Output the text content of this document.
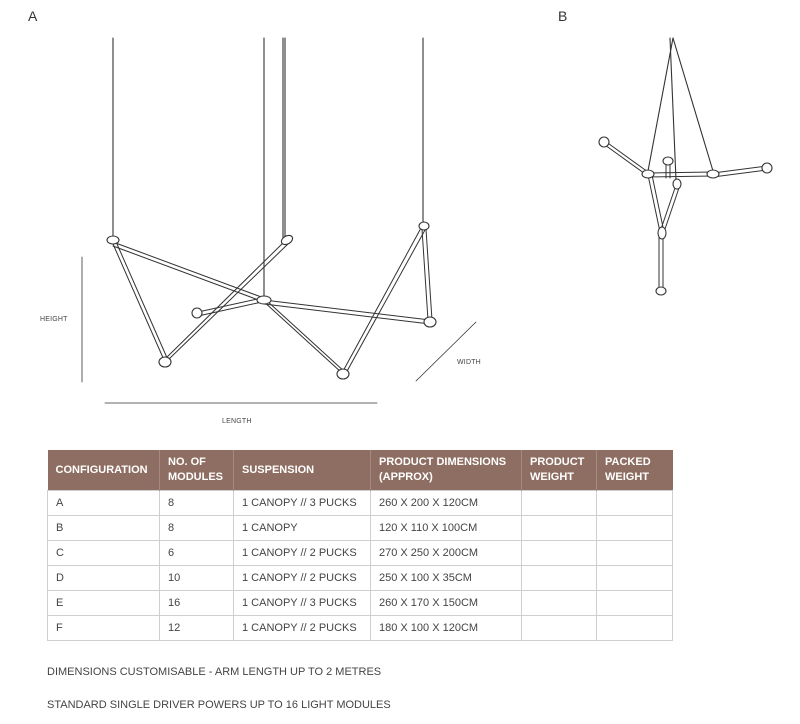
A	B
HEIGHT
WIDTH
LENGTH
CONFIGURATION	NO. OF MODULES	SUSPENSION	PRODUCT DIMENSIONS (APPROX)	PRODUCT WEIGHT	PACKED WEIGHT
A	8	1 CANOPY // 3 PUCKS	260 X 200 X 120CM		
B	8	1 CANOPY	120 X 110 X 100CM		
C	6	1 CANOPY // 2 PUCKS	270 X 250 X 200CM		
D	10	1 CANOPY // 2 PUCKS	250 X 100 X 35CM		
E	16	1 CANOPY // 3 PUCKS	260 X 170 X 150CM		
F	12	1 CANOPY // 2 PUCKS	180 X 100 X 120CM		
DIMENSIONS CUSTOMISABLE - ARM LENGTH UP TO 2 METRES
STANDARD SINGLE DRIVER POWERS UP TO 16 LIGHT MODULES
